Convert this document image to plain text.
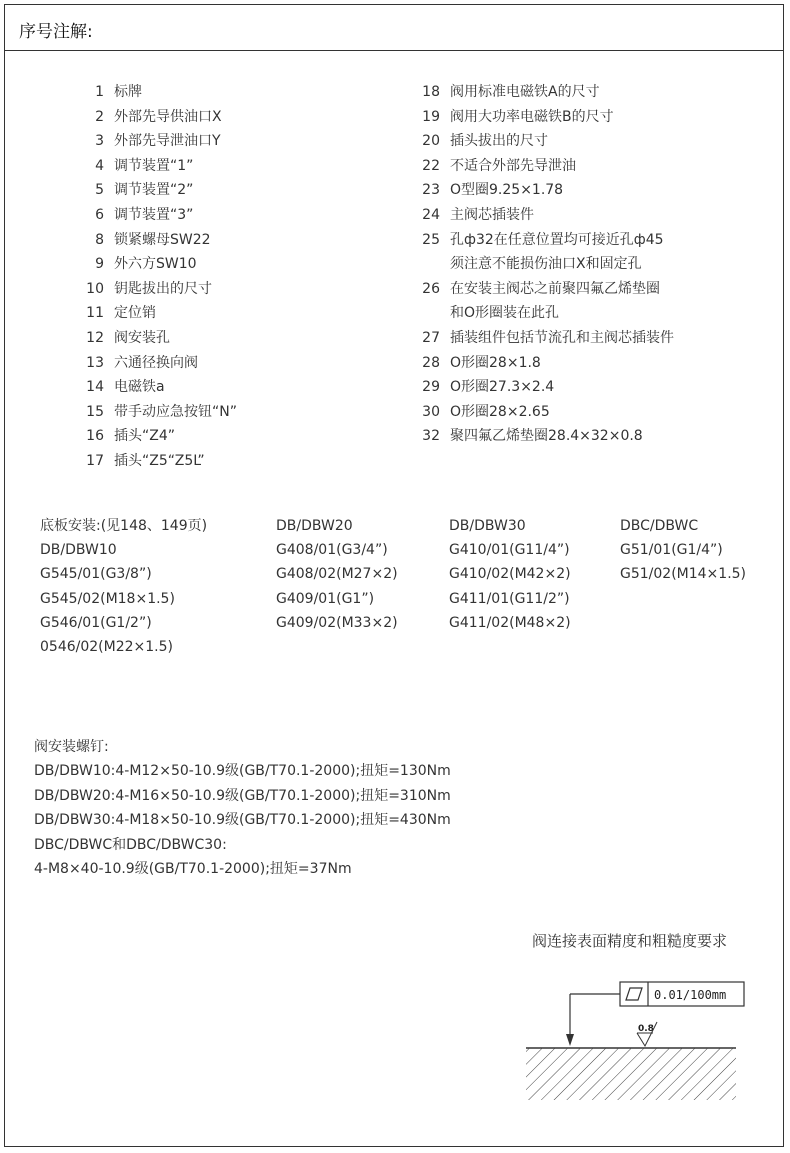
序号注解:
1 标牌
2 外部先导供油口X
3 外部先导泄油口Y
4 调节装置“1”
5 调节装置“2”
6 调节装置“3”
8 锁紧螺母SW22
9 外六方SW10
10 钥匙拔出的尺寸
11 定位销
12 阀安装孔
13 六通径换向阀
14 电磁铁a
15 带手动应急按钮“N”
16 插头“Z4”
17 插头“Z5“Z5L”
18 阀用标准电磁铁A的尺寸
19 阀用大功率电磁铁B的尺寸
20 插头拔出的尺寸
22 不适合外部先导泄油
23 O型圈9.25×1.78
24 主阀芯插装件
25 孔ф32在任意位置均可接近孔ф45
须注意不能损伤油口X和固定孔
26 在安装主阀芯之前聚四氟乙烯垫圈
和O形圈装在此孔
27 插装组件包括节流孔和主阀芯插装件
28 O形圈28×1.8
29 O形圈27.3×2.4
30 O形圈28×2.65
32 聚四氟乙烯垫圈28.4×32×0.8
底板安装:(见148、149页)
DB/DBW10
G545/01(G3/8”)
G545/02(M18×1.5)
G546/01(G1/2”)
0546/02(M22×1.5)
DB/DBW20
G408/01(G3/4”)
G408/02(M27×2)
G409/01(G1”)
G409/02(M33×2)
DB/DBW30
G410/01(G11/4”)
G410/02(M42×2)
G411/01(G11/2”)
G411/02(M48×2)
DBC/DBWC
G51/01(G1/4”)
G51/02(M14×1.5)
阀安装螺钉:
DB/DBW10:4-M12×50-10.9级(GB/T70.1-2000);扭矩=130Nm
DB/DBW20:4-M16×50-10.9级(GB/T70.1-2000);扭矩=310Nm
DB/DBW30:4-M18×50-10.9级(GB/T70.1-2000);扭矩=430Nm
DBC/DBWC和DBC/DBWC30:
4-M8×40-10.9级(GB/T70.1-2000);扭矩=37Nm
阀连接表面精度和粗糙度要求
0.01/100mm
0.8
